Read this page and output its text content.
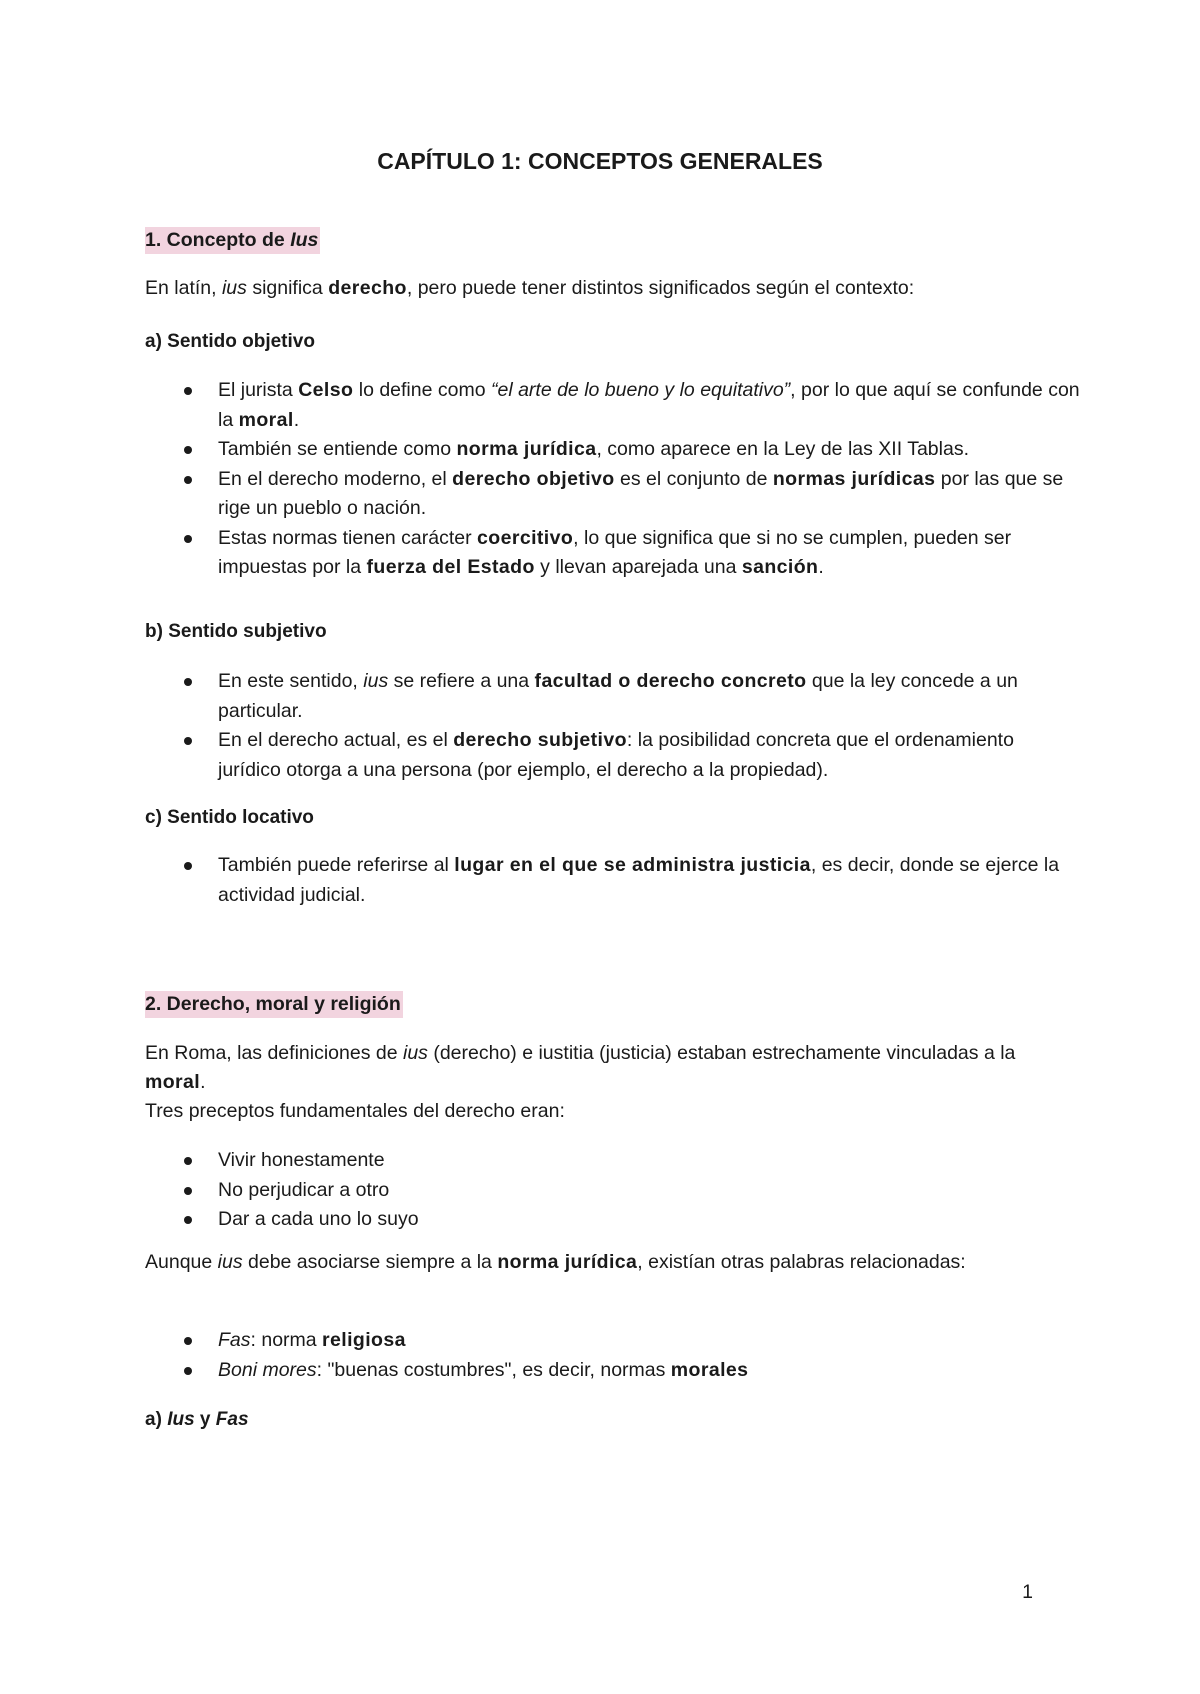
CAPÍTULO 1: CONCEPTOS GENERALES

1. Concepto de Ius

En latín, ius significa derecho, pero puede tener distintos significados según el contexto:

a) Sentido objetivo

El jurista Celso lo define como “el arte de lo bueno y lo equitativo”, por lo que aquí se confunde con la moral.
También se entiende como norma jurídica, como aparece en la Ley de las XII Tablas.
En el derecho moderno, el derecho objetivo es el conjunto de normas jurídicas por las que se rige un pueblo o nación.
Estas normas tienen carácter coercitivo, lo que significa que si no se cumplen, pueden ser impuestas por la fuerza del Estado y llevan aparejada una sanción.

b) Sentido subjetivo

En este sentido, ius se refiere a una facultad o derecho concreto que la ley concede a un particular.
En el derecho actual, es el derecho subjetivo: la posibilidad concreta que el ordenamiento jurídico otorga a una persona (por ejemplo, el derecho a la propiedad).

c) Sentido locativo

También puede referirse al lugar en el que se administra justicia, es decir, donde se ejerce la actividad judicial.

2. Derecho, moral y religión

En Roma, las definiciones de ius (derecho) e iustitia (justicia) estaban estrechamente vinculadas a la moral.

Tres preceptos fundamentales del derecho eran:

Vivir honestamente
No perjudicar a otro
Dar a cada uno lo suyo

Aunque ius debe asociarse siempre a la norma jurídica, existían otras palabras relacionadas:

Fas: norma religiosa
Boni mores: "buenas costumbres", es decir, normas morales

a) Ius y Fas

1
